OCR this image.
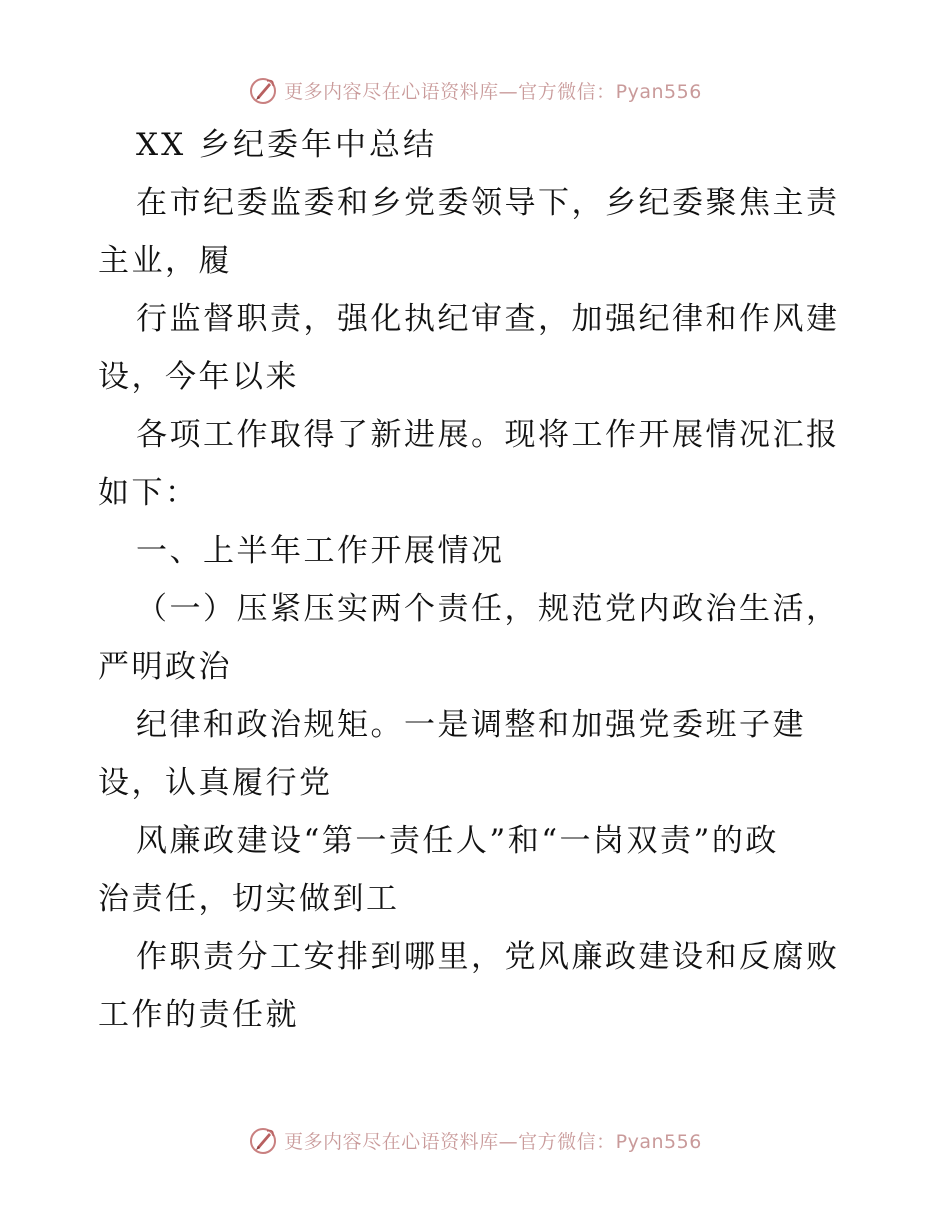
更多内容尽在心语资料库—官方微信：Pyan556
XX 乡纪委年中总结
在市纪委监委和乡党委领导下，乡纪委聚焦主责
主业，履
行监督职责，强化执纪审查，加强纪律和作风建
设，今年以来
各项工作取得了新进展。现将工作开展情况汇报
如下：
一、上半年工作开展情况
（一）压紧压实两个责任，规范党内政治生活，
严明政治
纪律和政治规矩。一是调整和加强党委班子建
设，认真履行党
风廉政建设“第一责任人”和“一岗双责”的政
治责任，切实做到工
作职责分工安排到哪里，党风廉政建设和反腐败
工作的责任就
更多内容尽在心语资料库—官方微信：Pyan556
